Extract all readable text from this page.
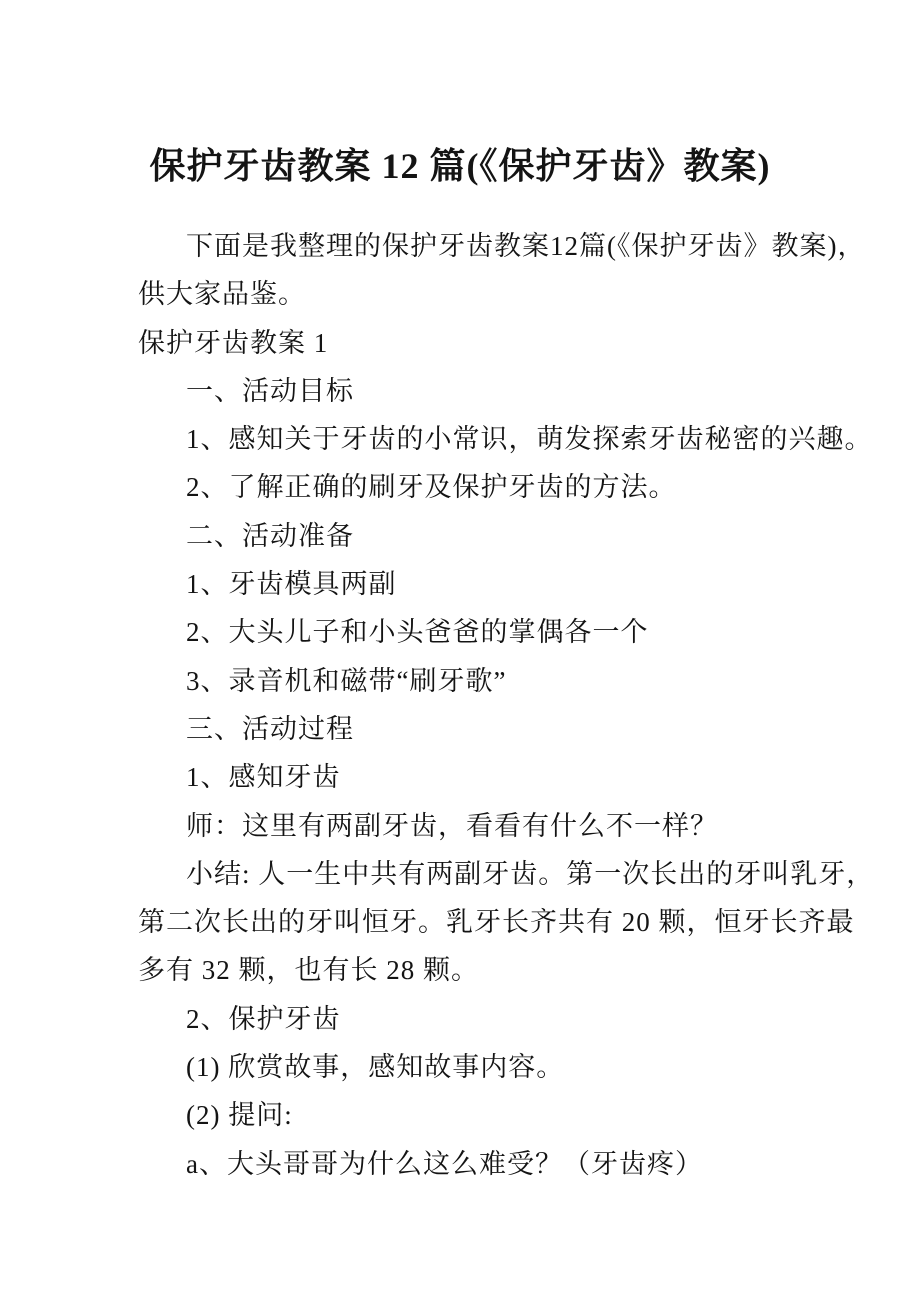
保护牙齿教案 12 篇(《保护牙齿》教案)
下面是我整理的保护牙齿教案12篇(《保护牙齿》教案)，
供大家品鉴。
保护牙齿教案 1
一、活动目标
1、感知关于牙齿的小常识，萌发探索牙齿秘密的兴趣。
2、了解正确的刷牙及保护牙齿的方法。
二、活动准备
1、牙齿模具两副
2、大头儿子和小头爸爸的掌偶各一个
3、录音机和磁带“刷牙歌”
三、活动过程
1、感知牙齿
师：这里有两副牙齿，看看有什么不一样？
小结: 人一生中共有两副牙齿。第一次长出的牙叫乳牙，
第二次长出的牙叫恒牙。乳牙长齐共有 20 颗，恒牙长齐最
多有 32 颗，也有长 28 颗。
2、保护牙齿
(1) 欣赏故事，感知故事内容。
(2) 提问:
a、大头哥哥为什么这么难受？（牙齿疼）
